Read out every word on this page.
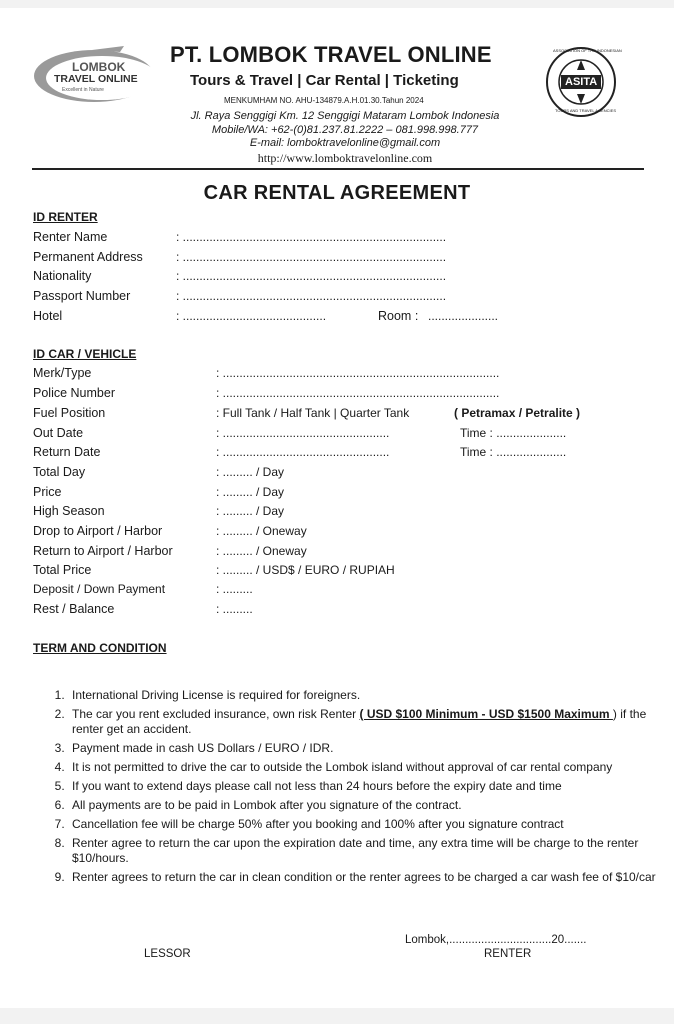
LOMBOK
TRAVEL ONLINE
Excellent in Nature
PT. LOMBOK TRAVEL ONLINE
Tours & Travel | Car Rental | Ticketing
MENKUMHAM NO. AHU-134879.A.H.01.30.Tahun 2024
Jl. Raya Senggigi Km. 12 Senggigi Mataram Lombok Indonesia
Mobile/WA: +62-(0)81.237.81.2222 – 081.998.998.777
E-mail: lomboktravelonline@gmail.com
http://www.lomboktravelonline.com
ASITA
ASSOCIATION OF THE INDONESIAN
TOURS AND TRAVEL AGENCIES
CAR RENTAL AGREEMENT
ID RENTER
Renter Name	: ...............................................................................
Permanent Address	: ...............................................................................
Nationality	: ...............................................................................
Passport Number	: ...............................................................................
Hotel	: ...........................................	Room : .....................
ID CAR / VEHICLE
Merk/Type	: ...................................................................................
Police Number	: ...................................................................................
Fuel Position	: Full Tank / Half Tank | Quarter Tank	( Petramax / Petralite )
Out Date	: ..................................................	Time : .....................
Return Date	: ..................................................	Time : .....................
Total Day	: ......... / Day
Price	: ......... / Day
High Season	: ......... / Day
Drop to Airport / Harbor	: ......... / Oneway
Return to Airport / Harbor	: ......... / Oneway
Total Price	: ......... / USD$ / EURO / RUPIAH
Deposit / Down Payment	: .........
Rest / Balance	: .........
TERM AND CONDITION
1. International Driving License is required for foreigners.
2. The car you rent excluded insurance, own risk Renter ( USD $100 Minimum - USD $1500 Maximum ) if the renter get an accident.
3. Payment made in cash US Dollars / EURO / IDR.
4. It is not permitted to drive the car to outside the Lombok island without approval of car rental company
5. If you want to extend days please call not less than 24 hours before the expiry date and time
6. All payments are to be paid in Lombok after you signature of the contract.
7. Cancellation fee will be charge 50% after you booking and 100% after you signature contract
8. Renter agree to return the car upon the expiration date and time, any extra time will be charge to the renter $10/hours.
9. Renter agrees to return the car in clean condition or the renter agrees to be charged a car wash fee of $10/car
Lombok,................................20.......
LESSOR	RENTER
